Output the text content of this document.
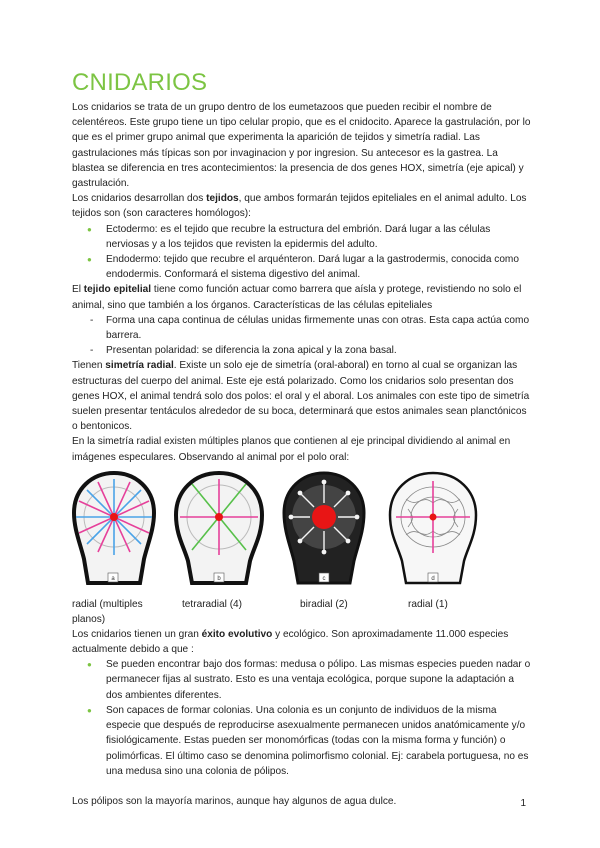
CNIDARIOS

Los cnidarios se trata de un grupo dentro de los eumetazoos que pueden recibir el nombre de celentéreos. Este grupo tiene un tipo celular propio, que es el cnidocito. Aparece la gastrulación, por lo que es el primer grupo animal que experimenta la aparición de tejidos y simetría radial. Las gastrulaciones más típicas son por invaginacion y por ingresion. Su antecesor es la gastrea. La blastea se diferencia en tres acontecimientos: la presencia de dos genes HOX, simetría (eje apical) y gastrulación.

Los cnidarios desarrollan dos tejidos, que ambos formarán tejidos epiteliales en el animal adulto. Los tejidos son (son caracteres homólogos):

● Ectodermo: es el tejido que recubre la estructura del embrión. Dará lugar a las células nerviosas y a los tejidos que revisten la epidermis del adulto.
● Endodermo: tejido que recubre el arquénteron. Dará lugar a la gastrodermis, conocida como endodermis. Conformará el sistema digestivo del animal.

El tejido epitelial tiene como función actuar como barrera que aísla y protege, revistiendo no solo el animal, sino que también a los órganos. Características de las células epiteliales

- Forma una capa continua de células unidas firmemente unas con otras. Esta capa actúa como barrera.
- Presentan polaridad: se diferencia la zona apical y la zona basal.

Tienen simetría radial. Existe un solo eje de simetría (oral-aboral) en torno al cual se organizan las estructuras del cuerpo del animal. Este eje está polarizado. Como los cnidarios solo presentan dos genes HOX, el animal tendrá solo dos polos: el oral y el aboral. Los animales con este tipo de simetría suelen presentar tentáculos alrededor de su boca, determinará que estos animales sean planctónicos o bentonicos.

En la simetría radial existen múltiples planos que contienen al eje principal dividiendo al animal en imágenes especulares. Observando al animal por el polo oral:

a	b	c	d
radial (multiples planos)
tetraradial (4)	biradial (2)	radial (1)

Los cnidarios tienen un gran éxito evolutivo y ecológico. Son aproximadamente 11.000 especies actualmente debido a que :

● Se pueden encontrar bajo dos formas: medusa o pólipo. Las mismas especies pueden nadar o permanecer fijas al sustrato. Esto es una ventaja ecológica, porque supone la adaptación a dos ambientes diferentes.
● Son capaces de formar colonias. Una colonia es un conjunto de individuos de la misma especie que después de reproducirse asexualmente permanecen unidos anatómicamente y/o fisiológicamente. Estas pueden ser monomórficas (todas con la misma forma y función) o polimórficas. El último caso se denomina polimorfismo colonial. Ej: carabela portuguesa, no es una medusa sino una colonia de pólipos.

Los pólipos son la mayoría marinos, aunque hay algunos de agua dulce.	1
